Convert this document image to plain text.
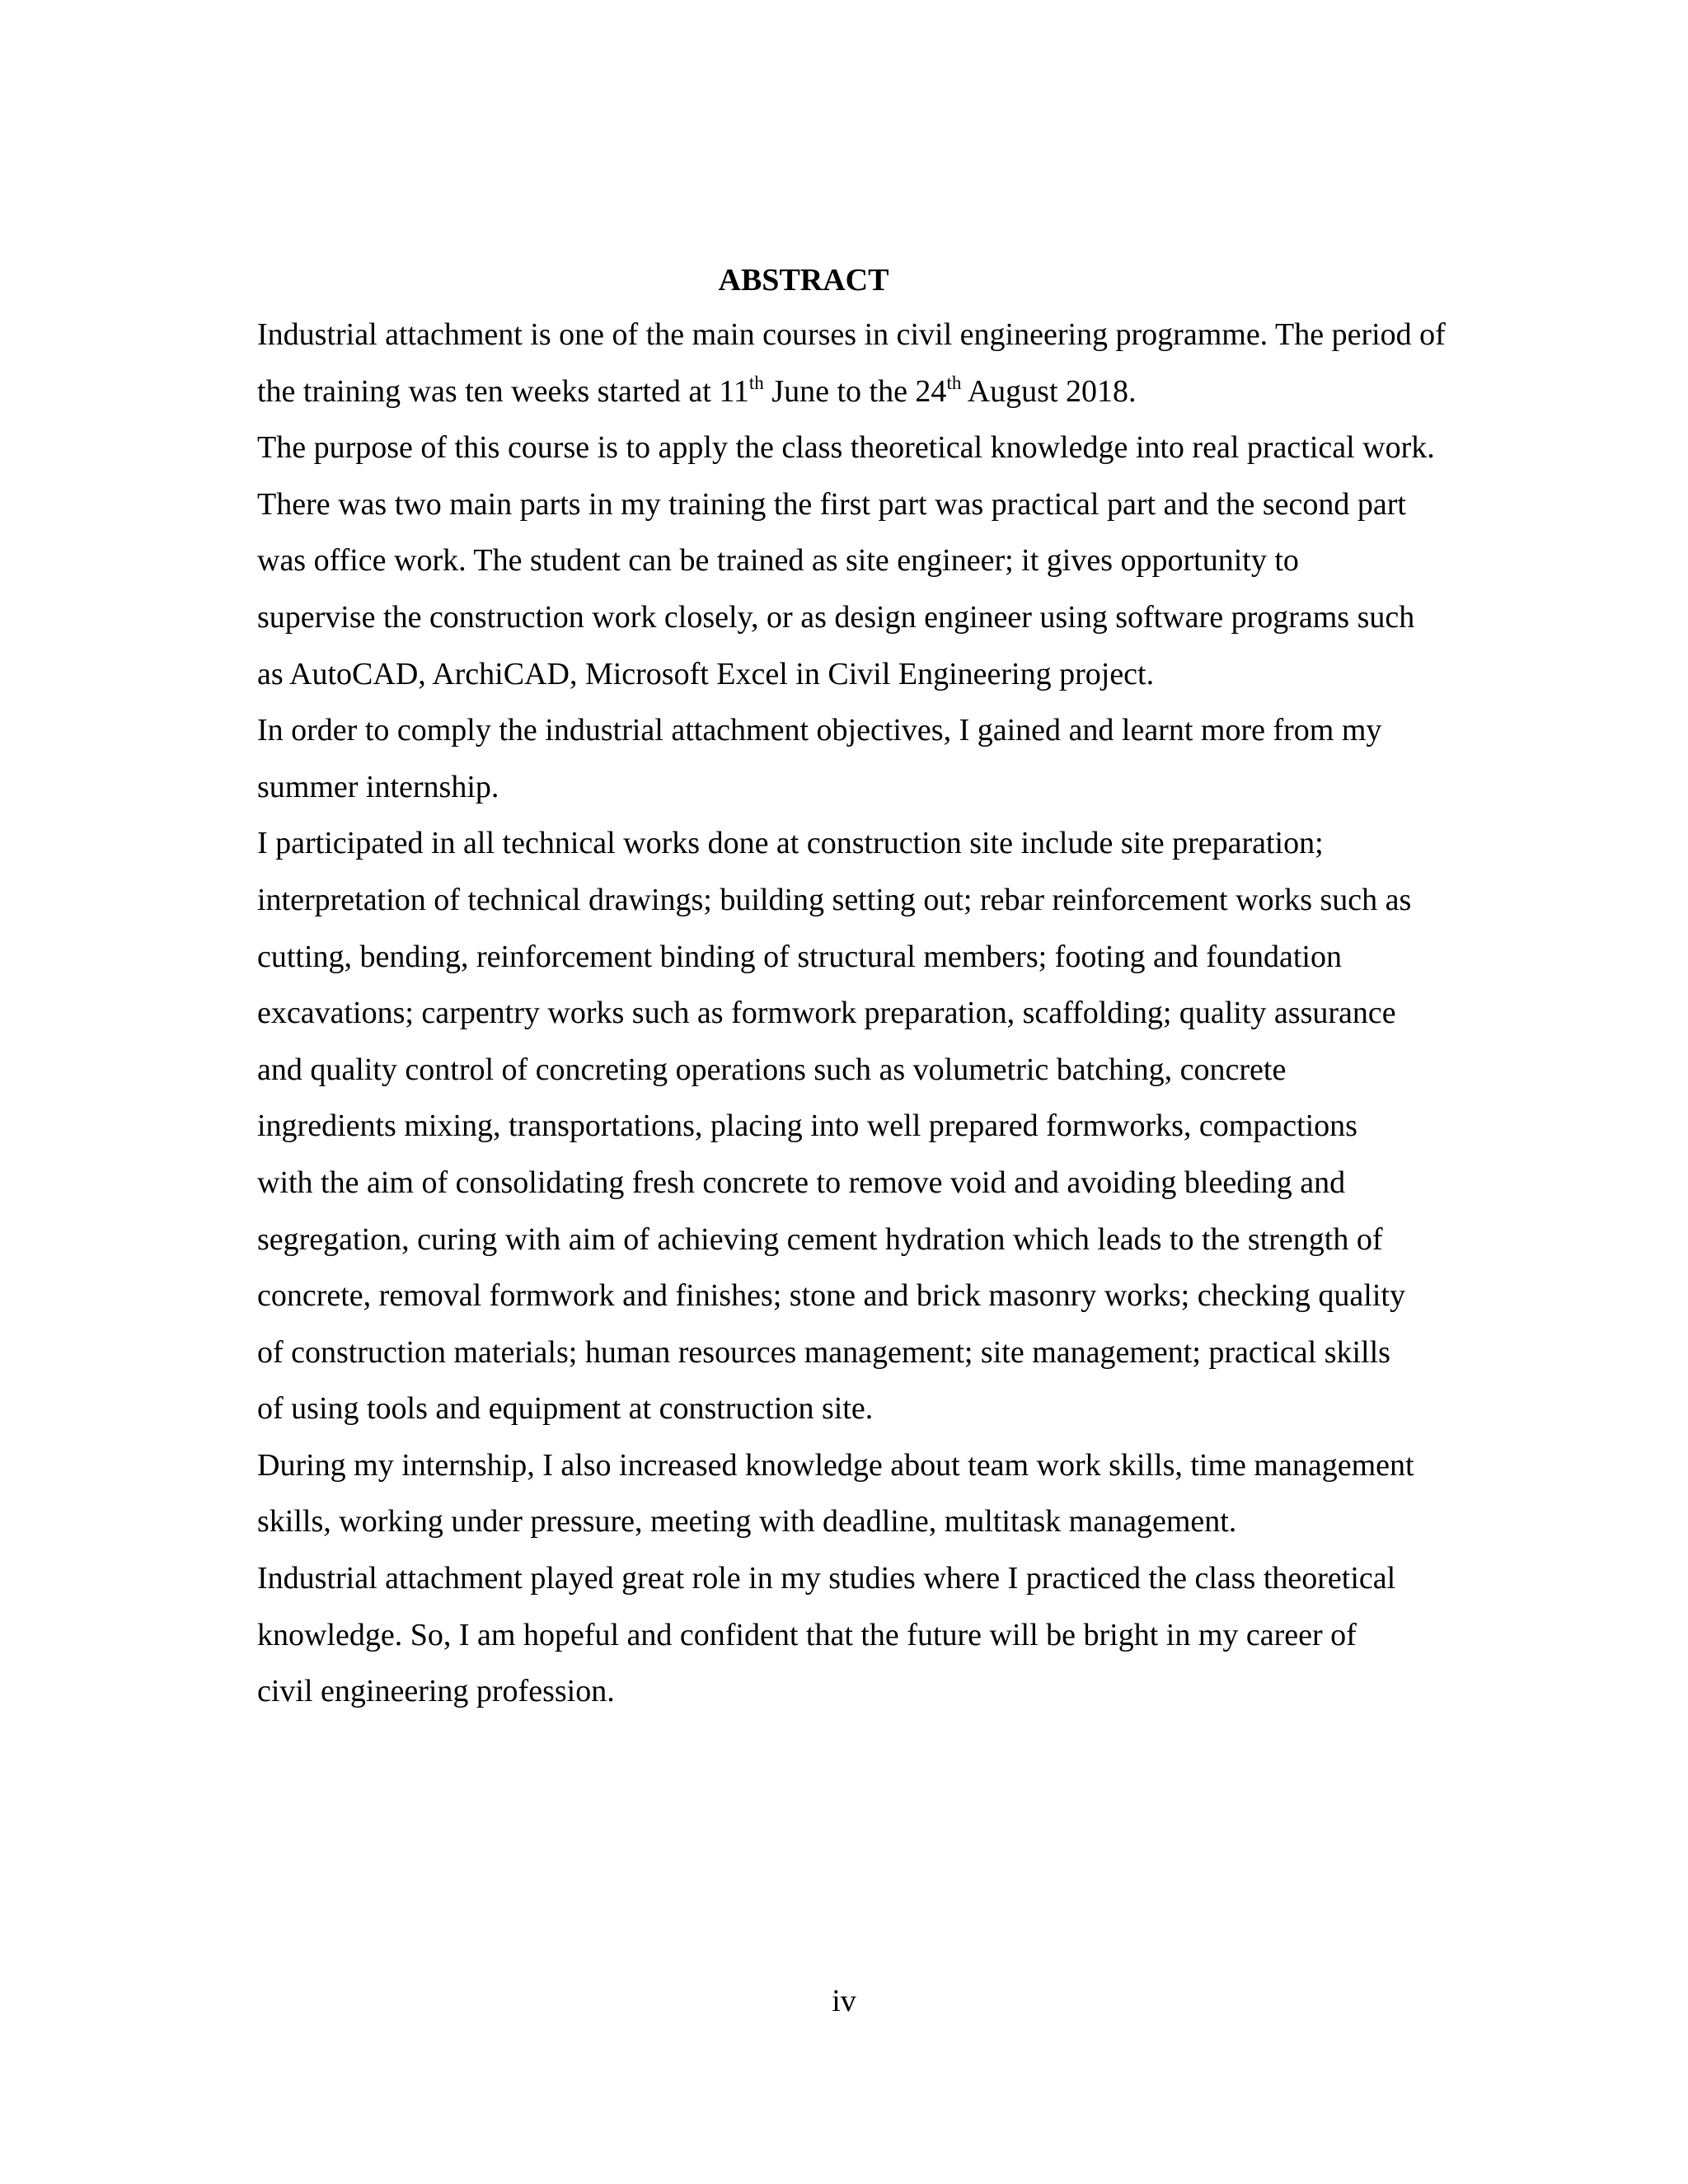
ABSTRACT

Industrial attachment is one of the main courses in civil engineering programme. The period of
the training was ten weeks started at 11th June to the 24th August 2018.

The purpose of this course is to apply the class theoretical knowledge into real practical work.
There was two main parts in my training the first part was practical part and the second part
was office work. The student can be trained as site engineer; it gives opportunity to
supervise the construction work closely, or as design engineer using software programs such
as AutoCAD, ArchiCAD, Microsoft Excel in Civil Engineering project.

In order to comply the industrial attachment objectives, I gained and learnt more from my
summer internship.

I participated in all technical works done at construction site include site preparation;
interpretation of technical drawings; building setting out; rebar reinforcement works such as
cutting, bending, reinforcement binding of structural members; footing and foundation
excavations; carpentry works such as formwork preparation, scaffolding; quality assurance
and quality control of concreting operations such as volumetric batching, concrete
ingredients mixing, transportations, placing into well prepared formworks, compactions
with the aim of consolidating fresh concrete to remove void and avoiding bleeding and
segregation, curing with aim of achieving cement hydration which leads to the strength of
concrete, removal formwork and finishes; stone and brick masonry works; checking quality
of construction materials; human resources management; site management; practical skills
of using tools and equipment at construction site.

During my internship, I also increased knowledge about team work skills, time management
skills, working under pressure, meeting with deadline, multitask management.

Industrial attachment played great role in my studies where I practiced the class theoretical
knowledge. So, I am hopeful and confident that the future will be bright in my career of
civil engineering profession.

iv
